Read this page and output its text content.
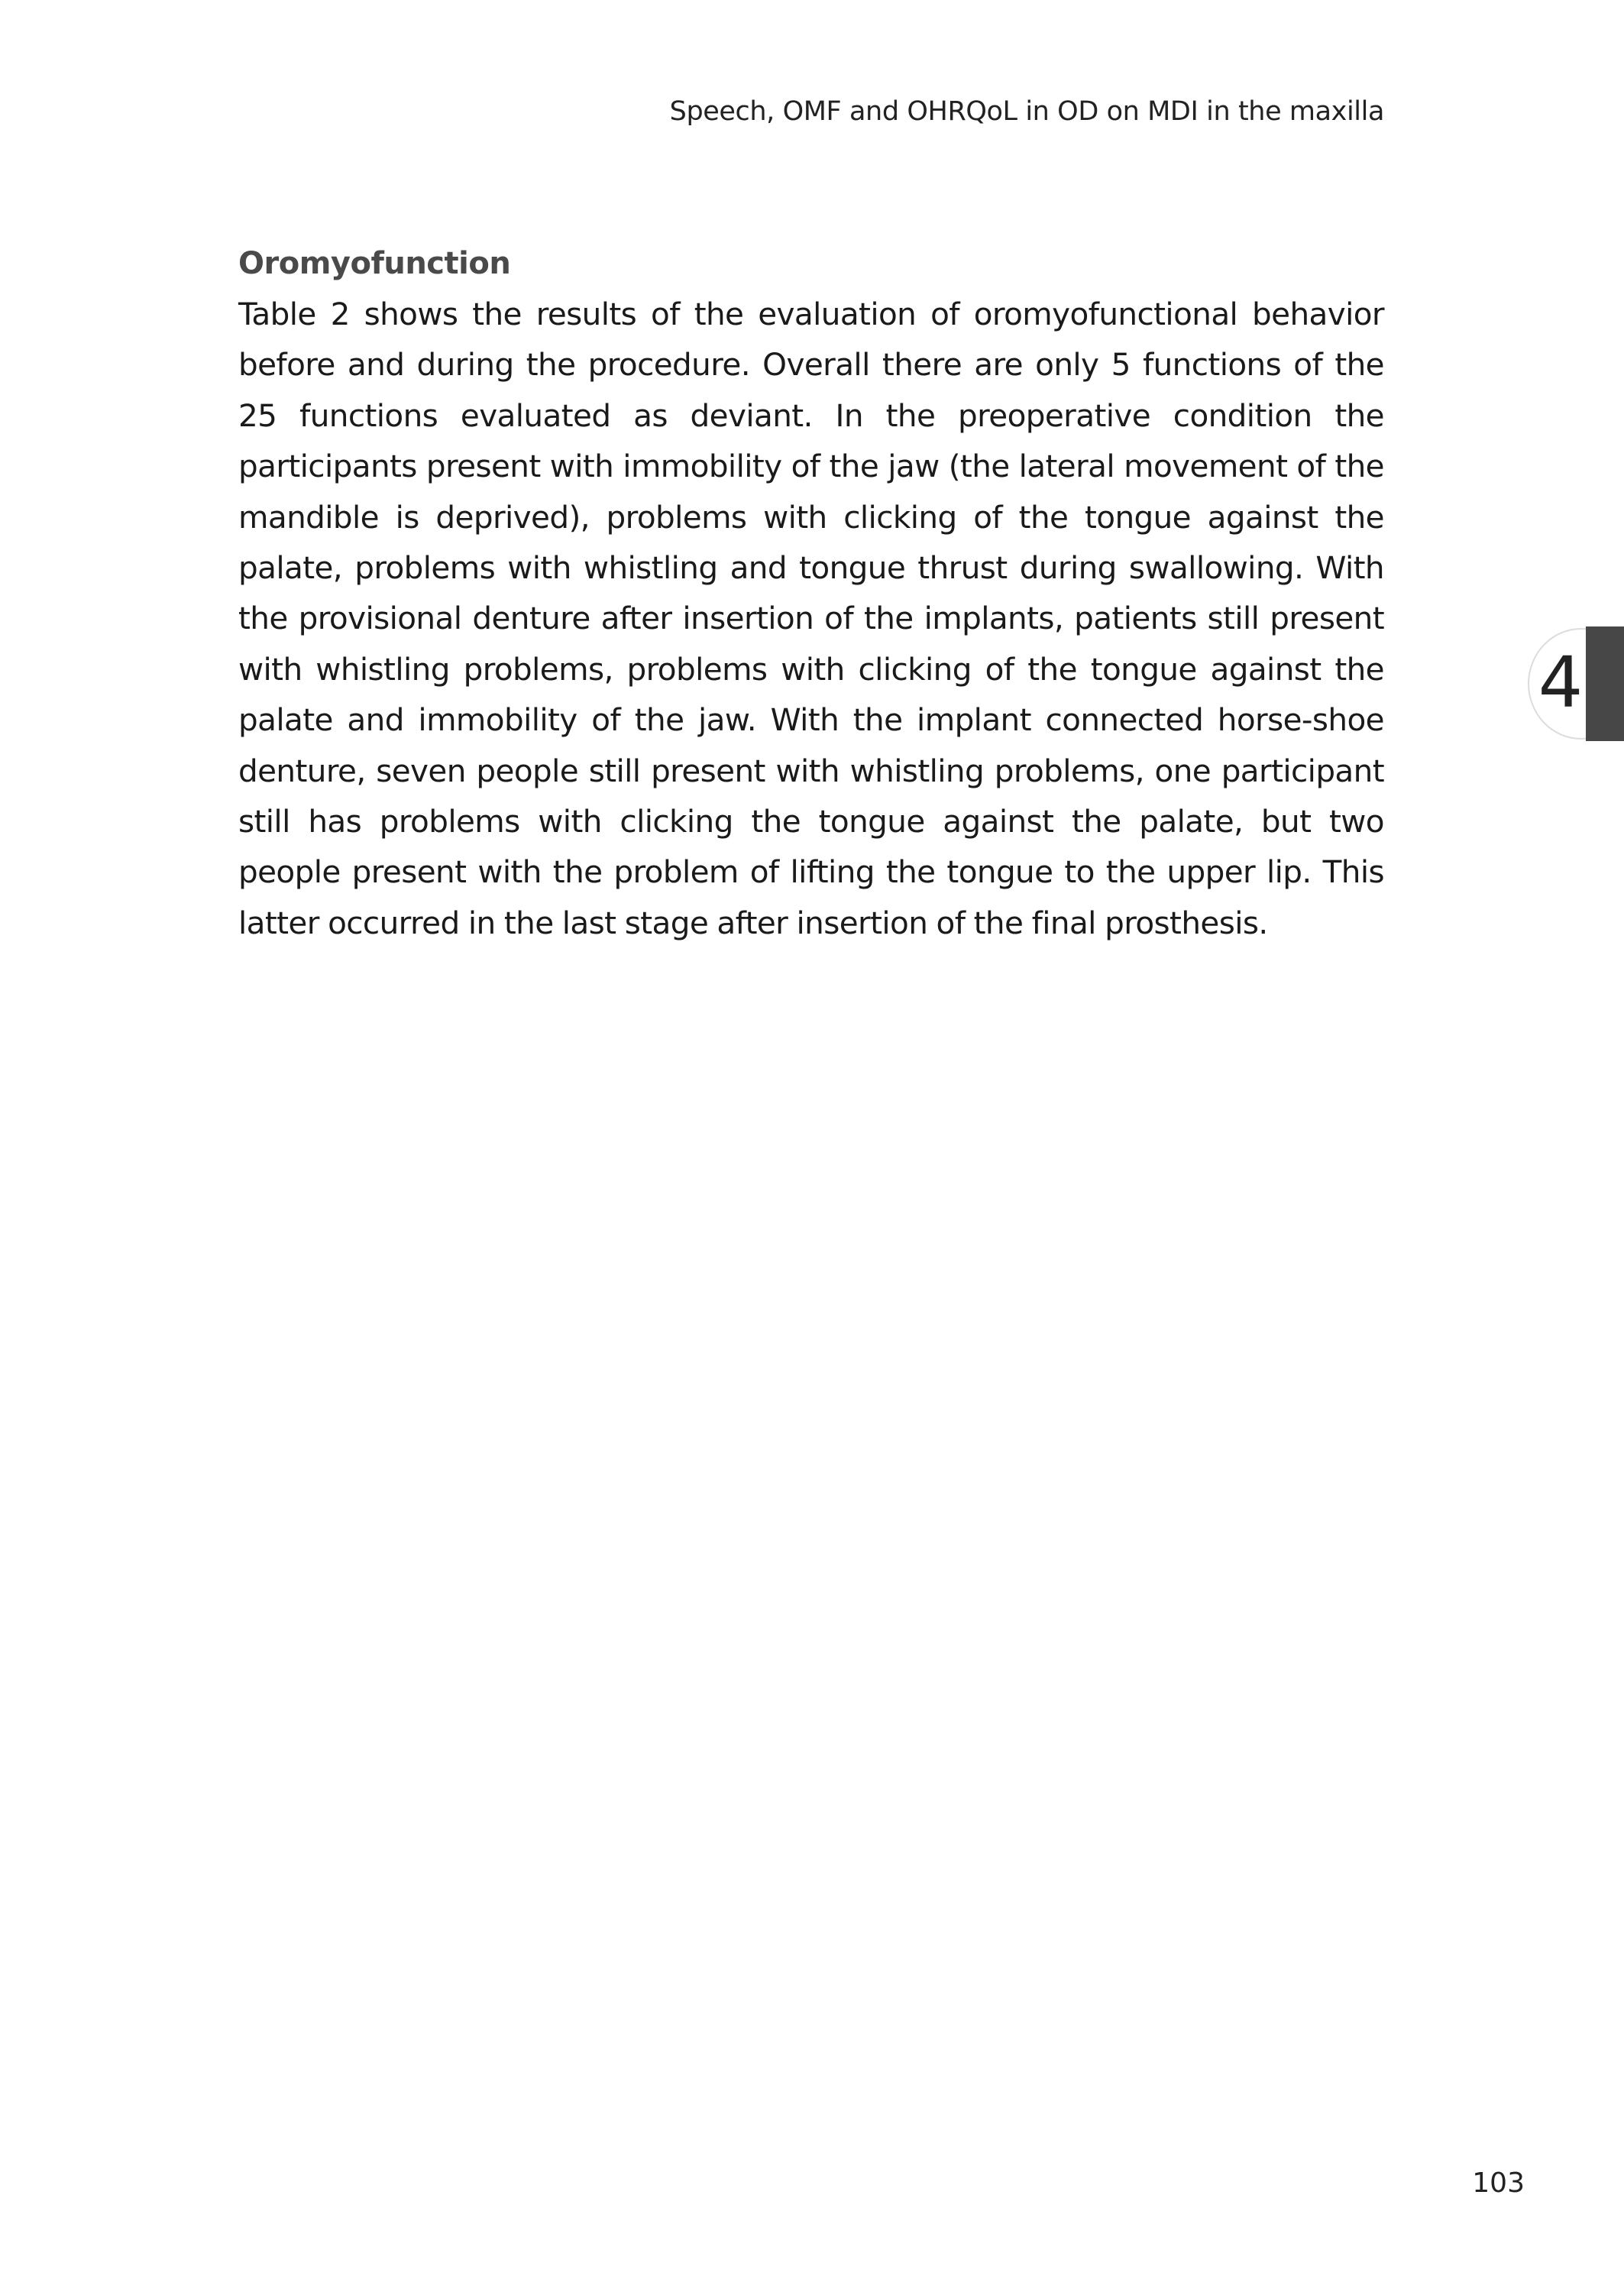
Speech, OMF and OHRQoL in OD on MDI in the maxilla
Oromyofunction

Table 2 shows the results of the evaluation of oromyofunctional behavior before and during the procedure. Overall there are only 5 functions of the 25 functions evaluated as deviant. In the preoperative condition the participants present with immobility of the jaw (the lateral movement of the mandible is deprived), problems with clicking of the tongue against the palate, problems with whistling and tongue thrust during swallowing. With the provisional denture after insertion of the implants, patients still present with whistling problems, problems with clicking of the tongue against the palate and immobility of the jaw. With the implant connected horse-shoe denture, seven people still present with whistling problems, one participant still has problems with clicking the tongue against the palate, but two people present with the problem of lifting the tongue to the upper lip. This latter occurred in the last stage after insertion of the final prosthesis.

4
103
